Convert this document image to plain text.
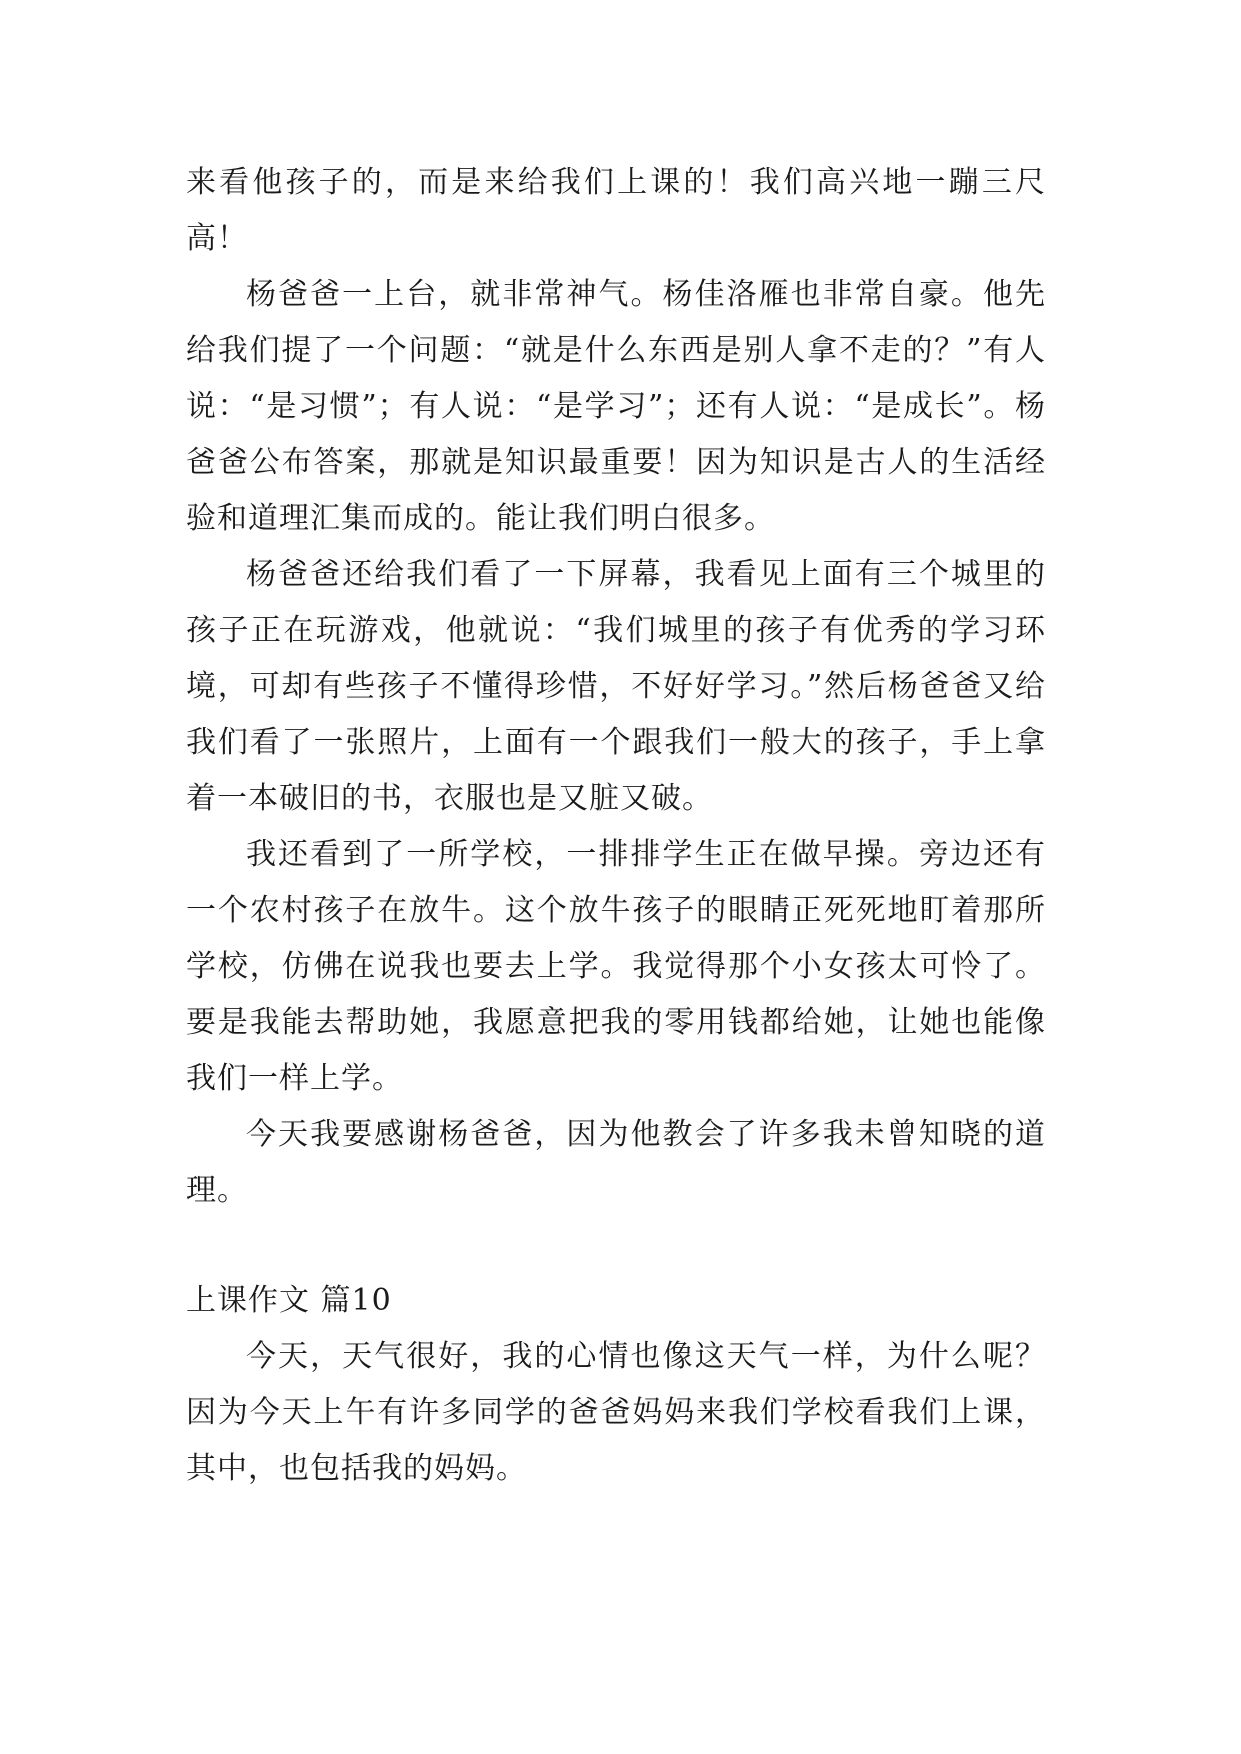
来看他孩子的，而是来给我们上课的！我们高兴地一蹦三尺高！

杨爸爸一上台，就非常神气。杨佳洛雁也非常自豪。他先给我们提了一个问题：“就是什么东西是别人拿不走的？”有人说：“是习惯”；有人说：“是学习”；还有人说：“是成长”。杨爸爸公布答案，那就是知识最重要！因为知识是古人的生活经验和道理汇集而成的。能让我们明白很多。

杨爸爸还给我们看了一下屏幕，我看见上面有三个城里的孩子正在玩游戏，他就说：“我们城里的孩子有优秀的学习环境，可却有些孩子不懂得珍惜，不好好学习。”然后杨爸爸又给我们看了一张照片，上面有一个跟我们一般大的孩子，手上拿着一本破旧的书，衣服也是又脏又破。

我还看到了一所学校，一排排学生正在做早操。旁边还有一个农村孩子在放牛。这个放牛孩子的眼睛正死死地盯着那所学校，仿佛在说我也要去上学。我觉得那个小女孩太可怜了。要是我能去帮助她，我愿意把我的零用钱都给她，让她也能像我们一样上学。

今天我要感谢杨爸爸，因为他教会了许多我未曾知晓的道理。

上课作文 篇10

今天，天气很好，我的心情也像这天气一样，为什么呢？因为今天上午有许多同学的爸爸妈妈来我们学校看我们上课，其中，也包括我的妈妈。
